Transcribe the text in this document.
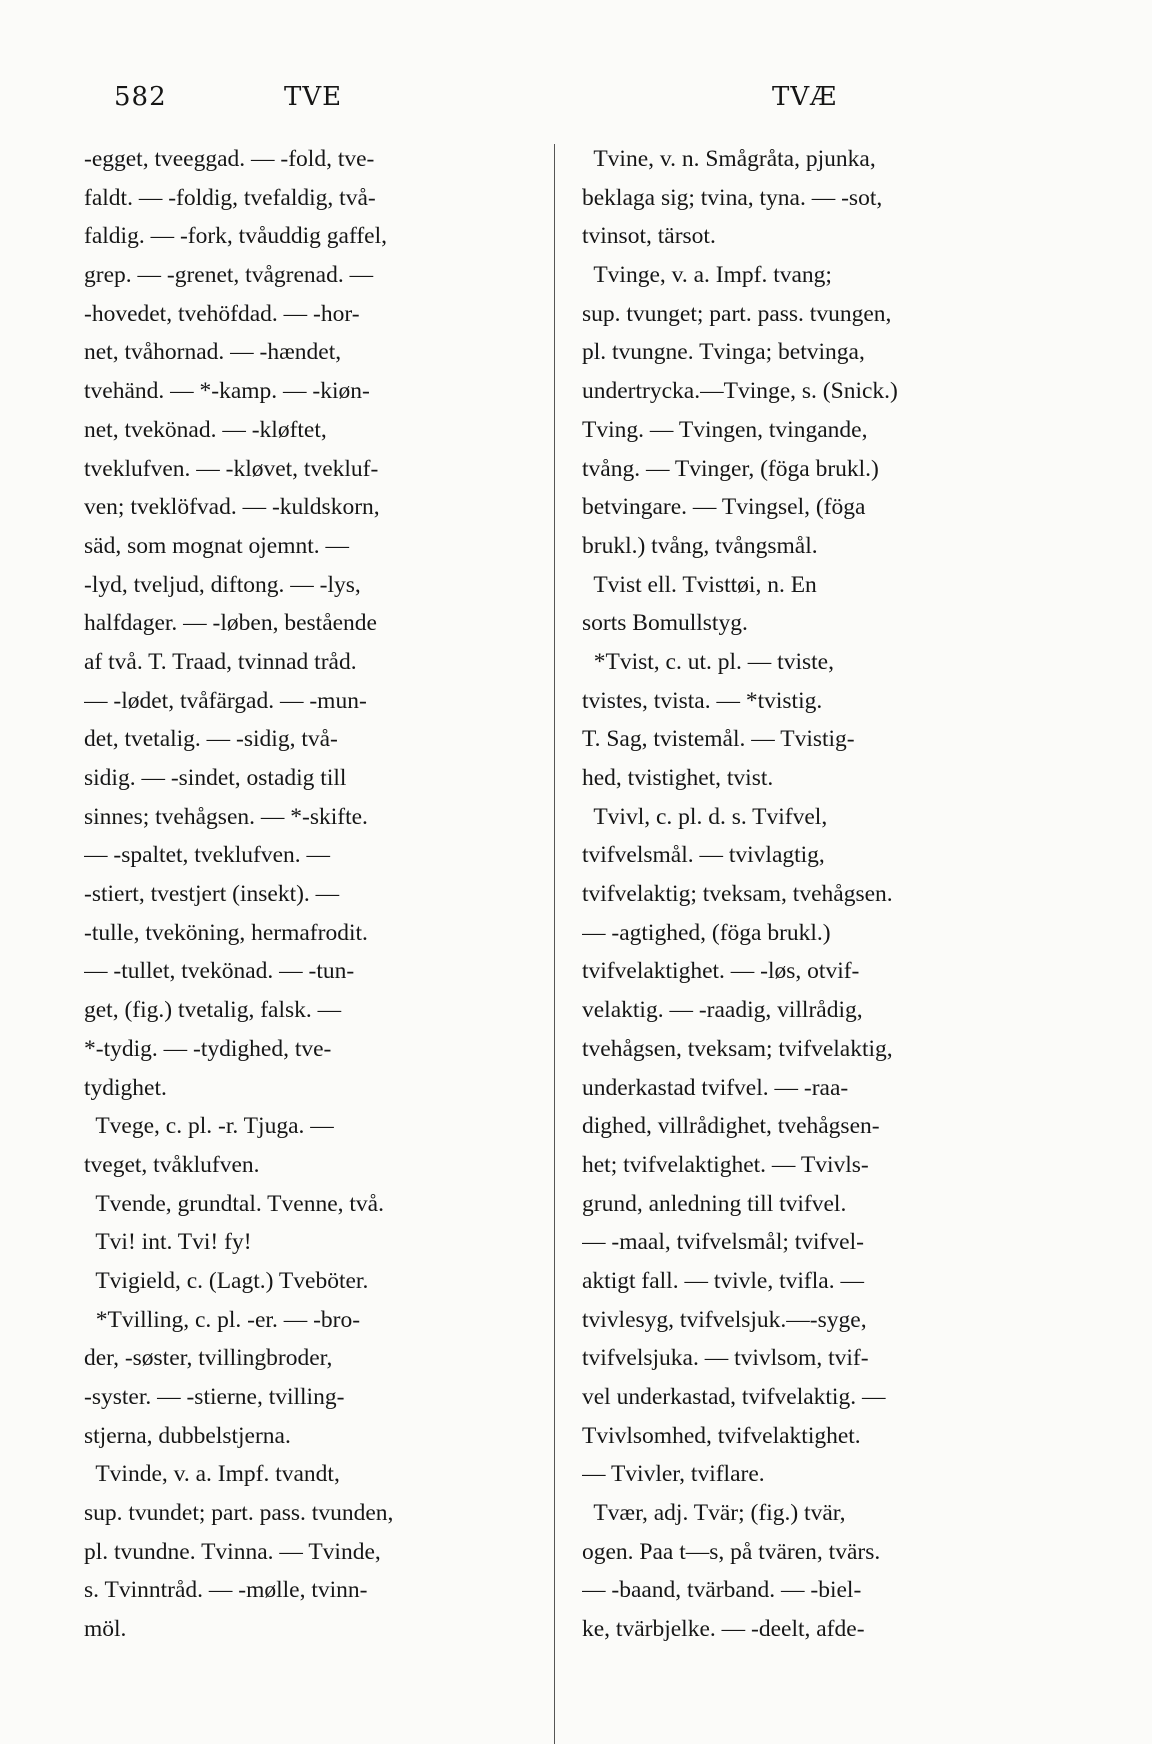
582	TVE	TVÆ
-egget, tveeggad. — -fold, tve-
faldt. — -foldig, tvefaldig, två-
faldig. — -fork, tvåuddig gaffel,
grep. — -grenet, tvågrenad. —
-hovedet, tvehöfdad. — -hor-
net, tvåhornad. — -hændet,
tvehänd. — *-kamp. — -kiøn-
net, tvekönad. — -kløftet,
tveklufven. — -kløvet, tvekluf-
ven; tveklöfvad. — -kuldskorn,
säd, som mognat ojemnt. —
-lyd, tveljud, diftong. — -lys,
halfdager. — -løben, bestående
af två. T. Traad, tvinnad tråd.
— -lødet, tvåfärgad. — -mun-
det, tvetalig. — -sidig, två-
sidig. — -sindet, ostadig till
sinnes; tvehågsen. — *-skifte.
— -spaltet, tveklufven. —
-stiert, tvestjert (insekt). —
-tulle, tveköning, hermafrodit.
— -tullet, tvekönad. — -tun-
get, (fig.) tvetalig, falsk. —
*-tydig. — -tydighed, tve-
tydighet.
Tvege, c. pl. -r. Tjuga. —
tveget, tvåklufven.
Tvende, grundtal. Tvenne, två.
Tvi! int. Tvi! fy!
Tvigield, c. (Lagt.) Tveböter.
*Tvilling, c. pl. -er. — -bro-
der, -søster, tvillingbroder,
-syster. — -stierne, tvilling-
stjerna, dubbelstjerna.
Tvinde, v. a. Impf. tvandt,
sup. tvundet; part. pass. tvunden,
pl. tvundne. Tvinna. — Tvinde,
s. Tvinntråd. — -mølle, tvinn-
möl.
Tvine, v. n. Smågråta, pjunka,
beklaga sig; tvina, tyna. — -sot,
tvinsot, tärsot.
Tvinge, v. a. Impf. tvang;
sup. tvunget; part. pass. tvungen,
pl. tvungne. Tvinga; betvinga,
undertrycka.—Tvinge, s. (Snick.)
Tving. — Tvingen, tvingande,
tvång. — Tvinger, (föga brukl.)
betvingare. — Tvingsel, (föga
brukl.) tvång, tvångsmål.
Tvist ell. Tvisttøi, n. En
sorts Bomullstyg.
*Tvist, c. ut. pl. — tviste,
tvistes, tvista. — *tvistig.
T. Sag, tvistemål. — Tvistig-
hed, tvistighet, tvist.
Tvivl, c. pl. d. s. Tvifvel,
tvifvelsmål. — tvivlagtig,
tvifvelaktig; tveksam, tvehågsen.
— -agtighed, (föga brukl.)
tvifvelaktighet. — -løs, otvif-
velaktig. — -raadig, villrådig,
tvehågsen, tveksam; tvifvelaktig,
underkastad tvifvel. — -raa-
dighed, villrådighet, tvehågsen-
het; tvifvelaktighet. — Tvivls-
grund, anledning till tvifvel.
— -maal, tvifvelsmål; tvifvel-
aktigt fall. — tvivle, tvifla. —
tvivlesyg, tvifvelsjuk.—-syge,
tvifvelsjuka. — tvivlsom, tvif-
vel underkastad, tvifvelaktig. —
Tvivlsomhed, tvifvelaktighet.
— Tvivler, tviflare.
Tvær, adj. Tvär; (fig.) tvär,
ogen. Paa t—s, på tvären, tvärs.
— -baand, tvärband. — -biel-
ke, tvärbjelke. — -deelt, afde-
